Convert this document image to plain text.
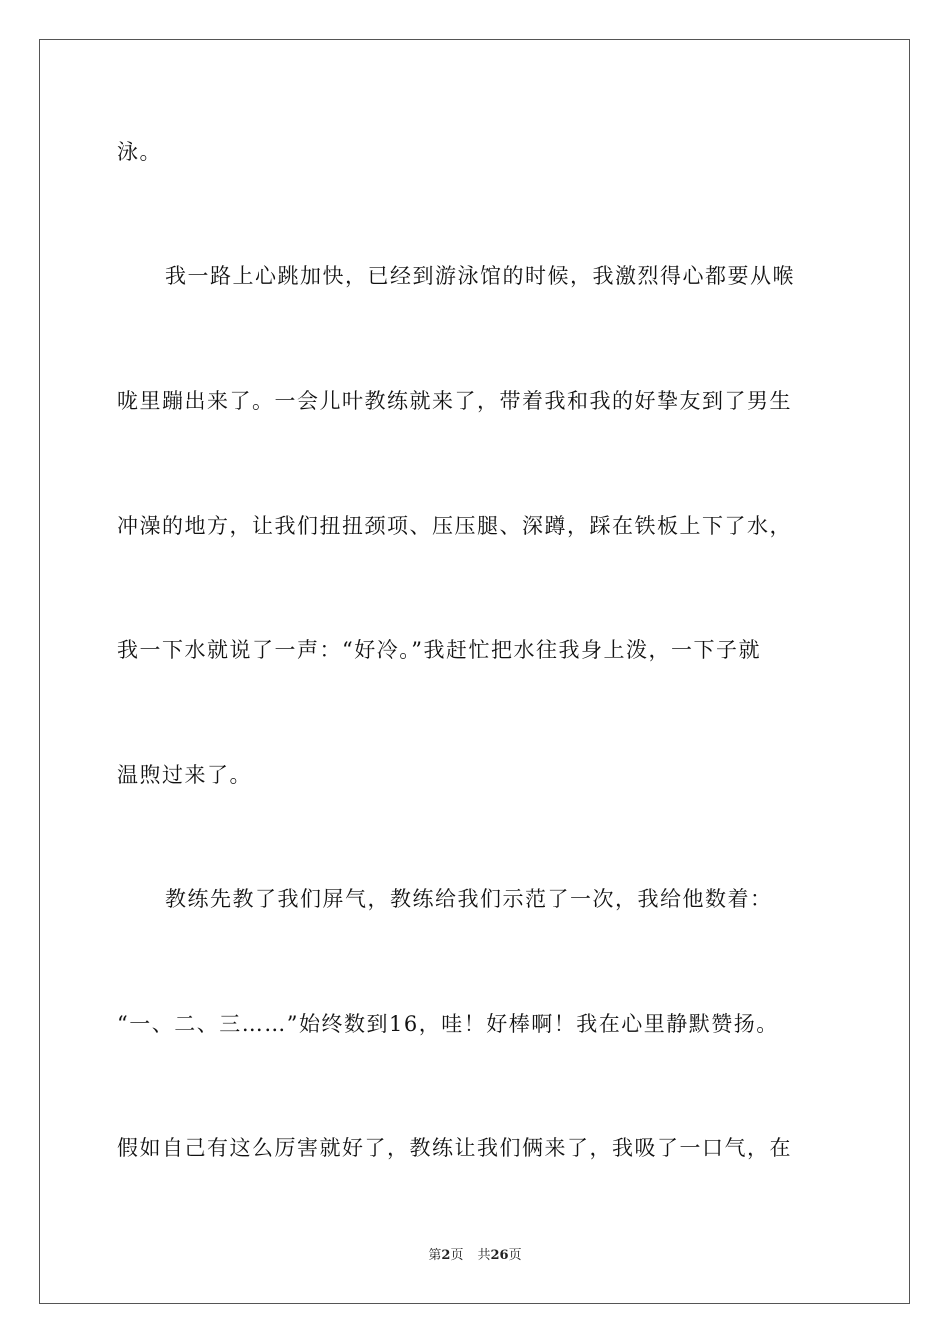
泳。
我一路上心跳加快，已经到游泳馆的时候，我激烈得心都要从喉
咙里蹦出来了。一会儿叶教练就来了，带着我和我的好挚友到了男生
冲澡的地方，让我们扭扭颈项、压压腿、深蹲，踩在铁板上下了水，
我一下水就说了一声：“好冷。”我赶忙把水往我身上泼，一下子就
温煦过来了。
教练先教了我们屏气，教练给我们示范了一次，我给他数着：
“一、二、三……”始终数到16，哇！好棒啊！我在心里静默赞扬。
假如自己有这么厉害就好了，教练让我们俩来了，我吸了一口气，在
第2页 共26页
